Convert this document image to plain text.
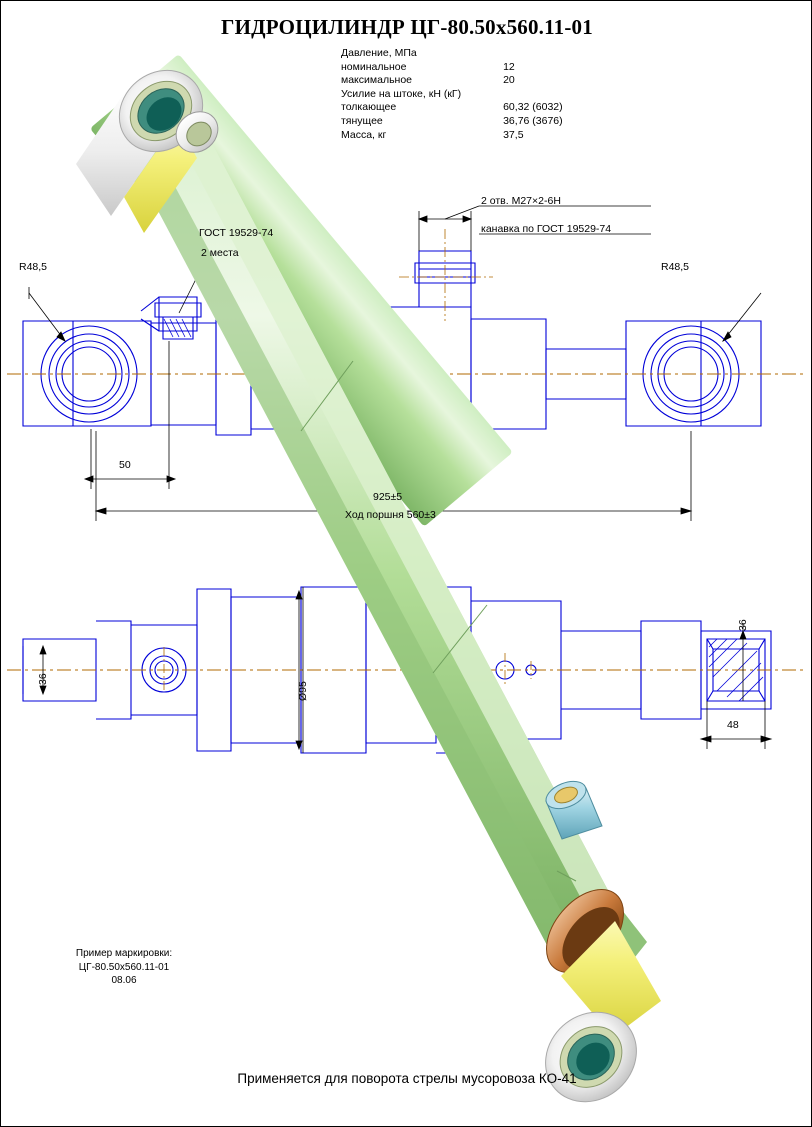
ГИДРОЦИЛИНДР ЦГ-80.50х560.11-01
Давление, МПа	
номинальное	12
максимальное	20
Усилие на штоке, кН (кГ)	
толкающее	60,32 (6032)
тянущее	36,76 (3676)
Масса, кг	37,5
ГОСТ 19529-74
2 места
2 отв. М27×2-6Н
канавка по ГОСТ 19529-74
R48,5	R48,5
50
925±5
Ход поршня 560±3
Ø95
36
36
48
Пример маркировки:
ЦГ-80.50х560.11-01
08.06
Применяется для поворота стрелы мусоровоза КО-41
